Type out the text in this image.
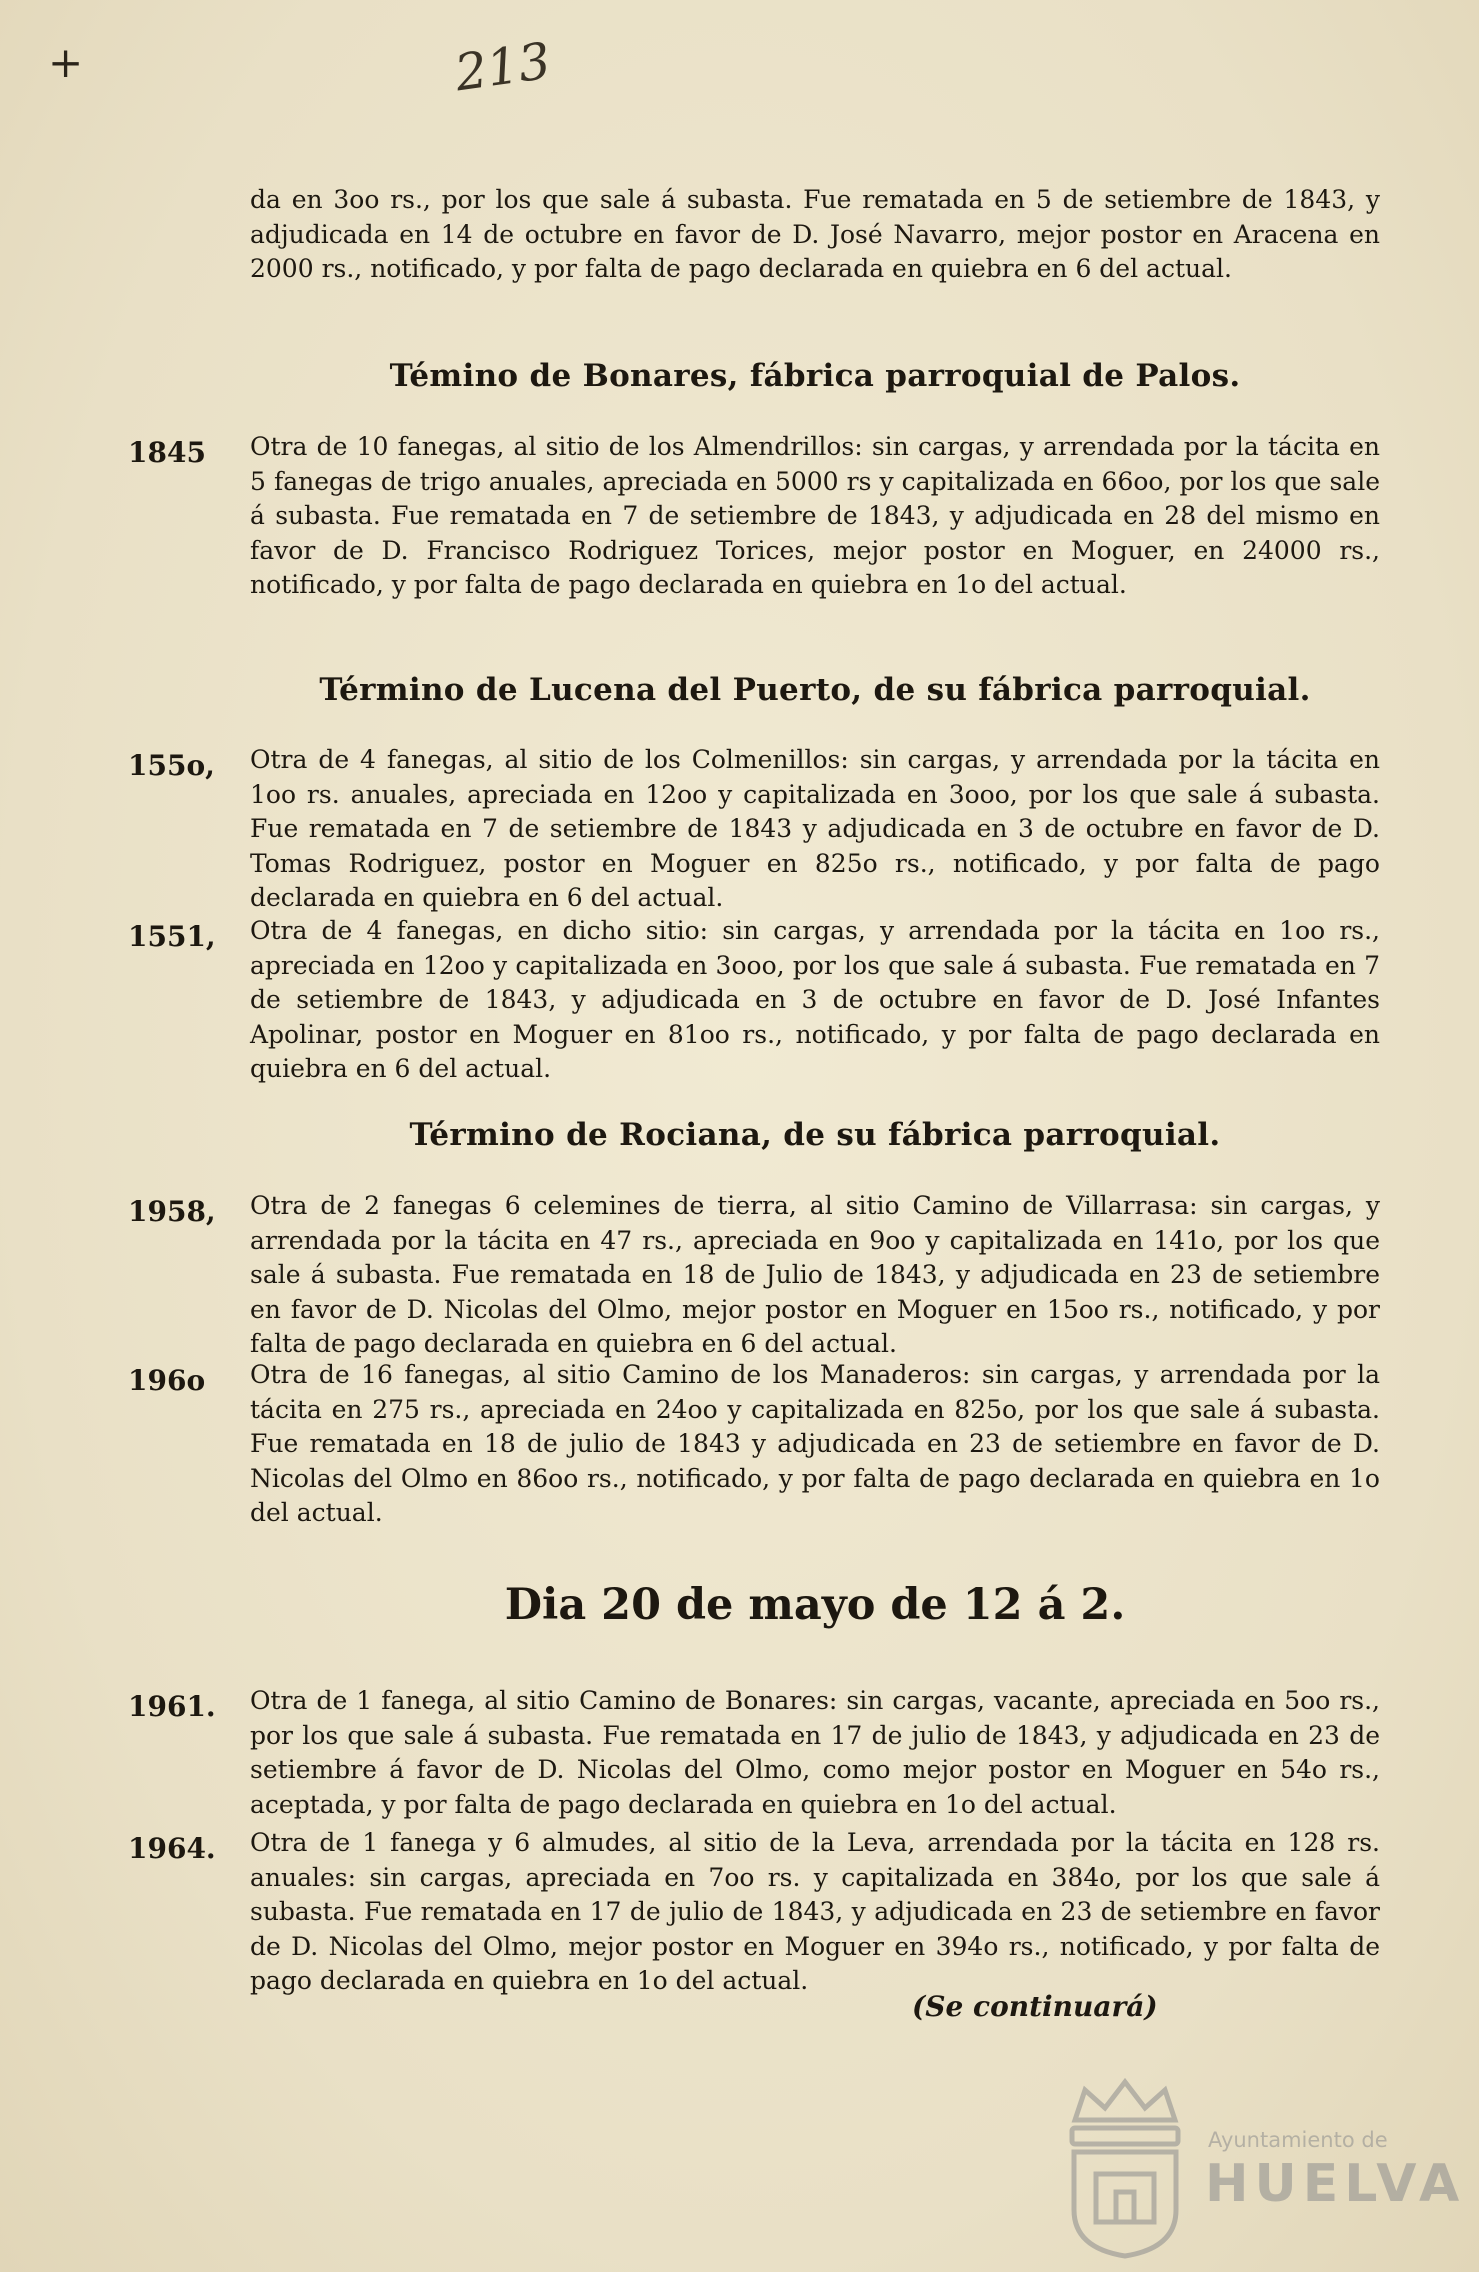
+	213
da en 3oo rs., por los que sale á subasta. Fue rematada en 5 de setiembre de 1843, y adjudicada en 14 de octubre en favor de D. José Navarro, mejor postor en Aracena en 2000 rs., notificado, y por falta de pago declarada en quiebra en 6 del actual.
Témino de Bonares, fábrica parroquial de Palos.
1845 Otra de 10 fanegas, al sitio de los Almendrillos: sin cargas, y arrendada por la tácita en 5 fanegas de trigo anuales, apreciada en 5000 rs y capitalizada en 66oo, por los que sale á subasta. Fue rematada en 7 de setiembre de 1843, y adjudicada en 28 del mismo en favor de D. Francisco Rodriguez Torices, mejor postor en Moguer, en 24000 rs., notificado, y por falta de pago declarada en quiebra en 1o del actual.
Término de Lucena del Puerto, de su fábrica parroquial.
155o, Otra de 4 fanegas, al sitio de los Colmenillos: sin cargas, y arrendada por la tácita en 1oo rs. anuales, apreciada en 12oo y capitalizada en 3ooo, por los que sale á subasta. Fue rematada en 7 de setiembre de 1843 y adjudicada en 3 de octubre en favor de D. Tomas Rodriguez, postor en Moguer en 825o rs., notificado, y por falta de pago declarada en quiebra en 6 del actual.
1551, Otra de 4 fanegas, en dicho sitio: sin cargas, y arrendada por la tácita en 1oo rs., apreciada en 12oo y capitalizada en 3ooo, por los que sale á subasta. Fue rematada en 7 de setiembre de 1843, y adjudicada en 3 de octubre en favor de D. José Infantes Apolinar, postor en Moguer en 81oo rs., notificado, y por falta de pago declarada en quiebra en 6 del actual.
Término de Rociana, de su fábrica parroquial.
1958, Otra de 2 fanegas 6 celemines de tierra, al sitio Camino de Villarrasa: sin cargas, y arrendada por la tácita en 47 rs., apreciada en 9oo y capitalizada en 141o, por los que sale á subasta. Fue rematada en 18 de Julio de 1843, y adjudicada en 23 de setiembre en favor de D. Nicolas del Olmo, mejor postor en Moguer en 15oo rs., notificado, y por falta de pago declarada en quiebra en 6 del actual.
196o Otra de 16 fanegas, al sitio Camino de los Manaderos: sin cargas, y arrendada por la tácita en 275 rs., apreciada en 24oo y capitalizada en 825o, por los que sale á subasta. Fue rematada en 18 de julio de 1843 y adjudicada en 23 de setiembre en favor de D. Nicolas del Olmo en 86oo rs., notificado, y por falta de pago declarada en quiebra en 1o del actual.
Dia 20 de mayo de 12 á 2.
1961. Otra de 1 fanega, al sitio Camino de Bonares: sin cargas, vacante, apreciada en 5oo rs., por los que sale á subasta. Fue rematada en 17 de julio de 1843, y adjudicada en 23 de setiembre á favor de D. Nicolas del Olmo, como mejor postor en Moguer en 54o rs., aceptada, y por falta de pago declarada en quiebra en 1o del actual.
1964. Otra de 1 fanega y 6 almudes, al sitio de la Leva, arrendada por la tácita en 128 rs. anuales: sin cargas, apreciada en 7oo rs. y capitalizada en 384o, por los que sale á subasta. Fue rematada en 17 de julio de 1843, y adjudicada en 23 de setiembre en favor de D. Nicolas del Olmo, mejor postor en Moguer en 394o rs., notificado, y por falta de pago declarada en quiebra en 1o del actual.
(Se continuará)
Ayuntamiento de
HUELVA
